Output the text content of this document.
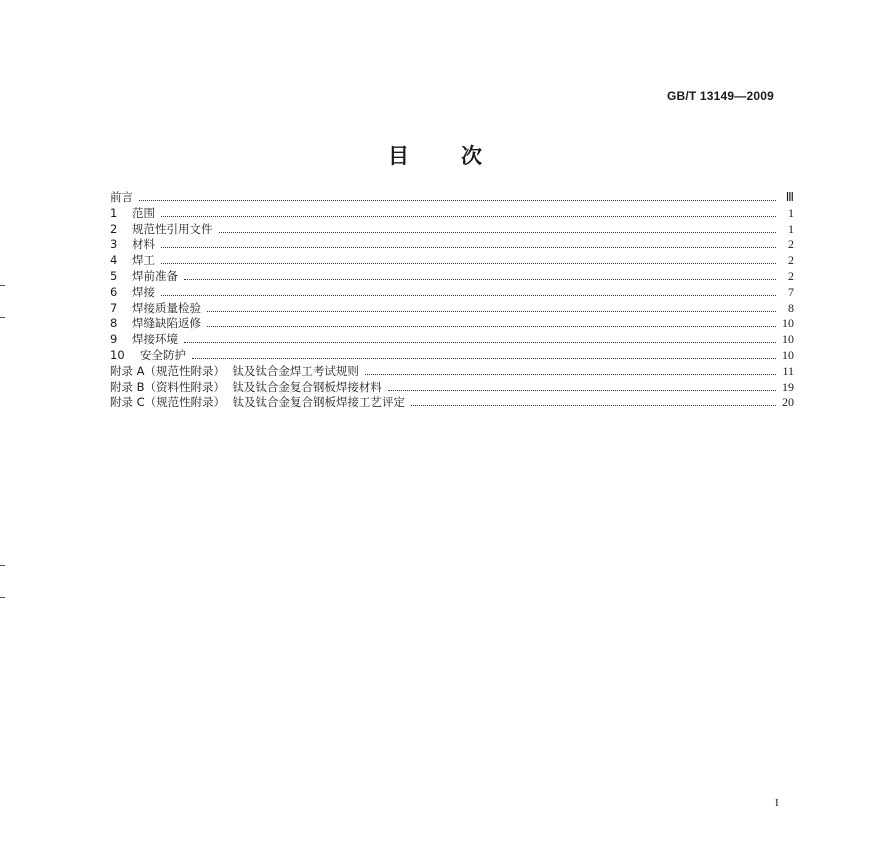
GB/T 13149—2009
目 次
前言	Ⅲ
1	范围	1
2	规范性引用文件	1
3	材料	2
4	焊工	2
5	焊前准备	2
6	焊接	7
7	焊接质量检验	8
8	焊缝缺陷返修	10
9	焊接环境	10
10	安全防护	10
附录 A（规范性附录）  钛及钛合金焊工考试规则	11
附录 B（资料性附录）  钛及钛合金复合钢板焊接材料	19
附录 C（规范性附录）  钛及钛合金复合钢板焊接工艺评定	20
I
